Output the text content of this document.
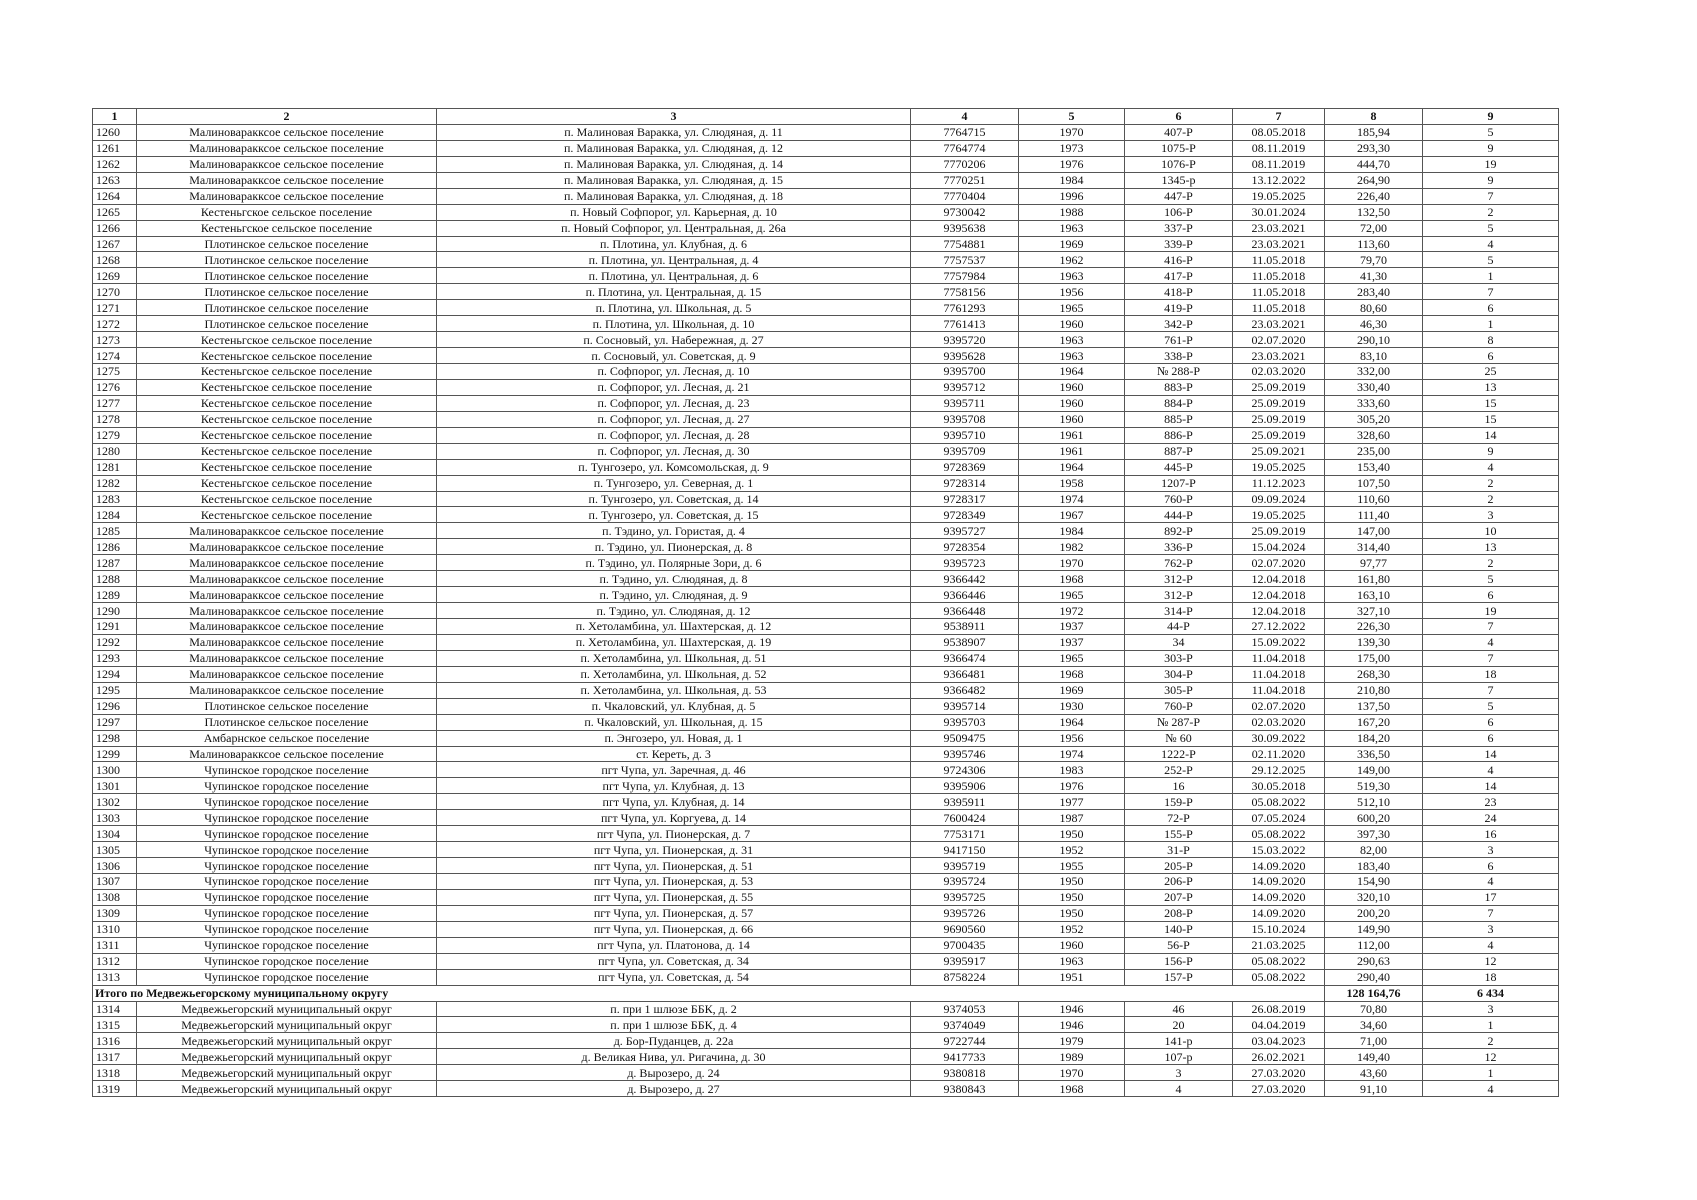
1	2	3	4	5	6	7	8	9
1260	Малиноваракксое сельское поселение	п. Малиновая Варакка, ул. Слюдяная, д. 11	7764715	1970	407-Р	08.05.2018	185,94	5
1261	Малиноваракксое сельское поселение	п. Малиновая Варакка, ул. Слюдяная, д. 12	7764774	1973	1075-Р	08.11.2019	293,30	9
1262	Малиноваракксое сельское поселение	п. Малиновая Варакка, ул. Слюдяная, д. 14	7770206	1976	1076-Р	08.11.2019	444,70	19
1263	Малиноваракксое сельское поселение	п. Малиновая Варакка, ул. Слюдяная, д. 15	7770251	1984	1345-р	13.12.2022	264,90	9
1264	Малиноваракксое сельское поселение	п. Малиновая Варакка, ул. Слюдяная, д. 18	7770404	1996	447-Р	19.05.2025	226,40	7
1265	Кестеньгское сельское поселение	п. Новый Софпорог, ул. Карьерная, д. 10	9730042	1988	106-Р	30.01.2024	132,50	2
1266	Кестеньгское сельское поселение	п. Новый Софпорог, ул. Центральная, д. 26а	9395638	1963	337-Р	23.03.2021	72,00	5
1267	Плотинское сельское поселение	п. Плотина, ул. Клубная, д. 6	7754881	1969	339-Р	23.03.2021	113,60	4
1268	Плотинское сельское поселение	п. Плотина, ул. Центральная, д. 4	7757537	1962	416-Р	11.05.2018	79,70	5
1269	Плотинское сельское поселение	п. Плотина, ул. Центральная, д. 6	7757984	1963	417-Р	11.05.2018	41,30	1
1270	Плотинское сельское поселение	п. Плотина, ул. Центральная, д. 15	7758156	1956	418-Р	11.05.2018	283,40	7
1271	Плотинское сельское поселение	п. Плотина, ул. Школьная, д. 5	7761293	1965	419-Р	11.05.2018	80,60	6
1272	Плотинское сельское поселение	п. Плотина, ул. Школьная, д. 10	7761413	1960	342-Р	23.03.2021	46,30	1
1273	Кестеньгское сельское поселение	п. Сосновый, ул. Набережная, д. 27	9395720	1963	761-Р	02.07.2020	290,10	8
1274	Кестеньгское сельское поселение	п. Сосновый, ул. Советская, д. 9	9395628	1963	338-Р	23.03.2021	83,10	6
1275	Кестеньгское сельское поселение	п. Софпорог, ул. Лесная, д. 10	9395700	1964	№ 288-Р	02.03.2020	332,00	25
1276	Кестеньгское сельское поселение	п. Софпорог, ул. Лесная, д. 21	9395712	1960	883-Р	25.09.2019	330,40	13
1277	Кестеньгское сельское поселение	п. Софпорог, ул. Лесная, д. 23	9395711	1960	884-Р	25.09.2019	333,60	15
1278	Кестеньгское сельское поселение	п. Софпорог, ул. Лесная, д. 27	9395708	1960	885-Р	25.09.2019	305,20	15
1279	Кестеньгское сельское поселение	п. Софпорог, ул. Лесная, д. 28	9395710	1961	886-Р	25.09.2019	328,60	14
1280	Кестеньгское сельское поселение	п. Софпорог, ул. Лесная, д. 30	9395709	1961	887-Р	25.09.2021	235,00	9
1281	Кестеньгское сельское поселение	п. Тунгозеро, ул. Комсомольская, д. 9	9728369	1964	445-Р	19.05.2025	153,40	4
1282	Кестеньгское сельское поселение	п. Тунгозеро, ул. Северная, д. 1	9728314	1958	1207-Р	11.12.2023	107,50	2
1283	Кестеньгское сельское поселение	п. Тунгозеро, ул. Советская, д. 14	9728317	1974	760-Р	09.09.2024	110,60	2
1284	Кестеньгское сельское поселение	п. Тунгозеро, ул. Советская, д. 15	9728349	1967	444-Р	19.05.2025	111,40	3
1285	Малиноваракксое сельское поселение	п. Тэдино, ул. Гористая, д. 4	9395727	1984	892-Р	25.09.2019	147,00	10
1286	Малиноваракксое сельское поселение	п. Тэдино, ул. Пионерская, д. 8	9728354	1982	336-Р	15.04.2024	314,40	13
1287	Малиноваракксое сельское поселение	п. Тэдино, ул. Полярные Зори, д. 6	9395723	1970	762-Р	02.07.2020	97,77	2
1288	Малиноваракксое сельское поселение	п. Тэдино, ул. Слюдяная, д. 8	9366442	1968	312-Р	12.04.2018	161,80	5
1289	Малиноваракксое сельское поселение	п. Тэдино, ул. Слюдяная, д. 9	9366446	1965	312-Р	12.04.2018	163,10	6
1290	Малиноваракксое сельское поселение	п. Тэдино, ул. Слюдяная, д. 12	9366448	1972	314-Р	12.04.2018	327,10	19
1291	Малиноваракксое сельское поселение	п. Хетоламбина, ул. Шахтерская, д. 12	9538911	1937	44-Р	27.12.2022	226,30	7
1292	Малиноваракксое сельское поселение	п. Хетоламбина, ул. Шахтерская, д. 19	9538907	1937	34	15.09.2022	139,30	4
1293	Малиноваракксое сельское поселение	п. Хетоламбина, ул. Школьная, д. 51	9366474	1965	303-Р	11.04.2018	175,00	7
1294	Малиноваракксое сельское поселение	п. Хетоламбина, ул. Школьная, д. 52	9366481	1968	304-Р	11.04.2018	268,30	18
1295	Малиноваракксое сельское поселение	п. Хетоламбина, ул. Школьная, д. 53	9366482	1969	305-Р	11.04.2018	210,80	7
1296	Плотинское сельское поселение	п. Чкаловский, ул. Клубная, д. 5	9395714	1930	760-Р	02.07.2020	137,50	5
1297	Плотинское сельское поселение	п. Чкаловский, ул. Школьная, д. 15	9395703	1964	№ 287-Р	02.03.2020	167,20	6
1298	Амбарнское сельское поселение	п. Энгозеро, ул. Новая, д. 1	9509475	1956	№ 60	30.09.2022	184,20	6
1299	Малиноваракксое сельское поселение	ст. Кереть, д. 3	9395746	1974	1222-Р	02.11.2020	336,50	14
1300	Чупинское городское поселение	пгт Чупа, ул. Заречная, д. 46	9724306	1983	252-Р	29.12.2025	149,00	4
1301	Чупинское городское поселение	пгт Чупа, ул. Клубная, д. 13	9395906	1976	16	30.05.2018	519,30	14
1302	Чупинское городское поселение	пгт Чупа, ул. Клубная, д. 14	9395911	1977	159-Р	05.08.2022	512,10	23
1303	Чупинское городское поселение	пгт Чупа, ул. Коргуева, д. 14	7600424	1987	72-Р	07.05.2024	600,20	24
1304	Чупинское городское поселение	пгт Чупа, ул. Пионерская, д. 7	7753171	1950	155-Р	05.08.2022	397,30	16
1305	Чупинское городское поселение	пгт Чупа, ул. Пионерская, д. 31	9417150	1952	31-Р	15.03.2022	82,00	3
1306	Чупинское городское поселение	пгт Чупа, ул. Пионерская, д. 51	9395719	1955	205-Р	14.09.2020	183,40	6
1307	Чупинское городское поселение	пгт Чупа, ул. Пионерская, д. 53	9395724	1950	206-Р	14.09.2020	154,90	4
1308	Чупинское городское поселение	пгт Чупа, ул. Пионерская, д. 55	9395725	1950	207-Р	14.09.2020	320,10	17
1309	Чупинское городское поселение	пгт Чупа, ул. Пионерская, д. 57	9395726	1950	208-Р	14.09.2020	200,20	7
1310	Чупинское городское поселение	пгт Чупа, ул. Пионерская, д. 66	9690560	1952	140-Р	15.10.2024	149,90	3
1311	Чупинское городское поселение	пгт Чупа, ул. Платонова, д. 14	9700435	1960	56-Р	21.03.2025	112,00	4
1312	Чупинское городское поселение	пгт Чупа, ул. Советская, д. 34	9395917	1963	156-Р	05.08.2022	290,63	12
1313	Чупинское городское поселение	пгт Чупа, ул. Советская, д. 54	8758224	1951	157-Р	05.08.2022	290,40	18
Итого по Медвежьегорскому муниципальному округу							128 164,76	6 434
1314	Медвежьегорский муниципальный округ	п. при 1 шлюзе ББК, д. 2	9374053	1946	46	26.08.2019	70,80	3
1315	Медвежьегорский муниципальный округ	п. при 1 шлюзе ББК, д. 4	9374049	1946	20	04.04.2019	34,60	1
1316	Медвежьегорский муниципальный округ	д. Бор-Пуданцев, д. 22а	9722744	1979	141-р	03.04.2023	71,00	2
1317	Медвежьегорский муниципальный округ	д. Великая Нива, ул. Ригачина, д. 30	9417733	1989	107-р	26.02.2021	149,40	12
1318	Медвежьегорский муниципальный округ	д. Вырозеро, д. 24	9380818	1970	3	27.03.2020	43,60	1
1319	Медвежьегорский муниципальный округ	д. Вырозеро, д. 27	9380843	1968	4	27.03.2020	91,10	4
